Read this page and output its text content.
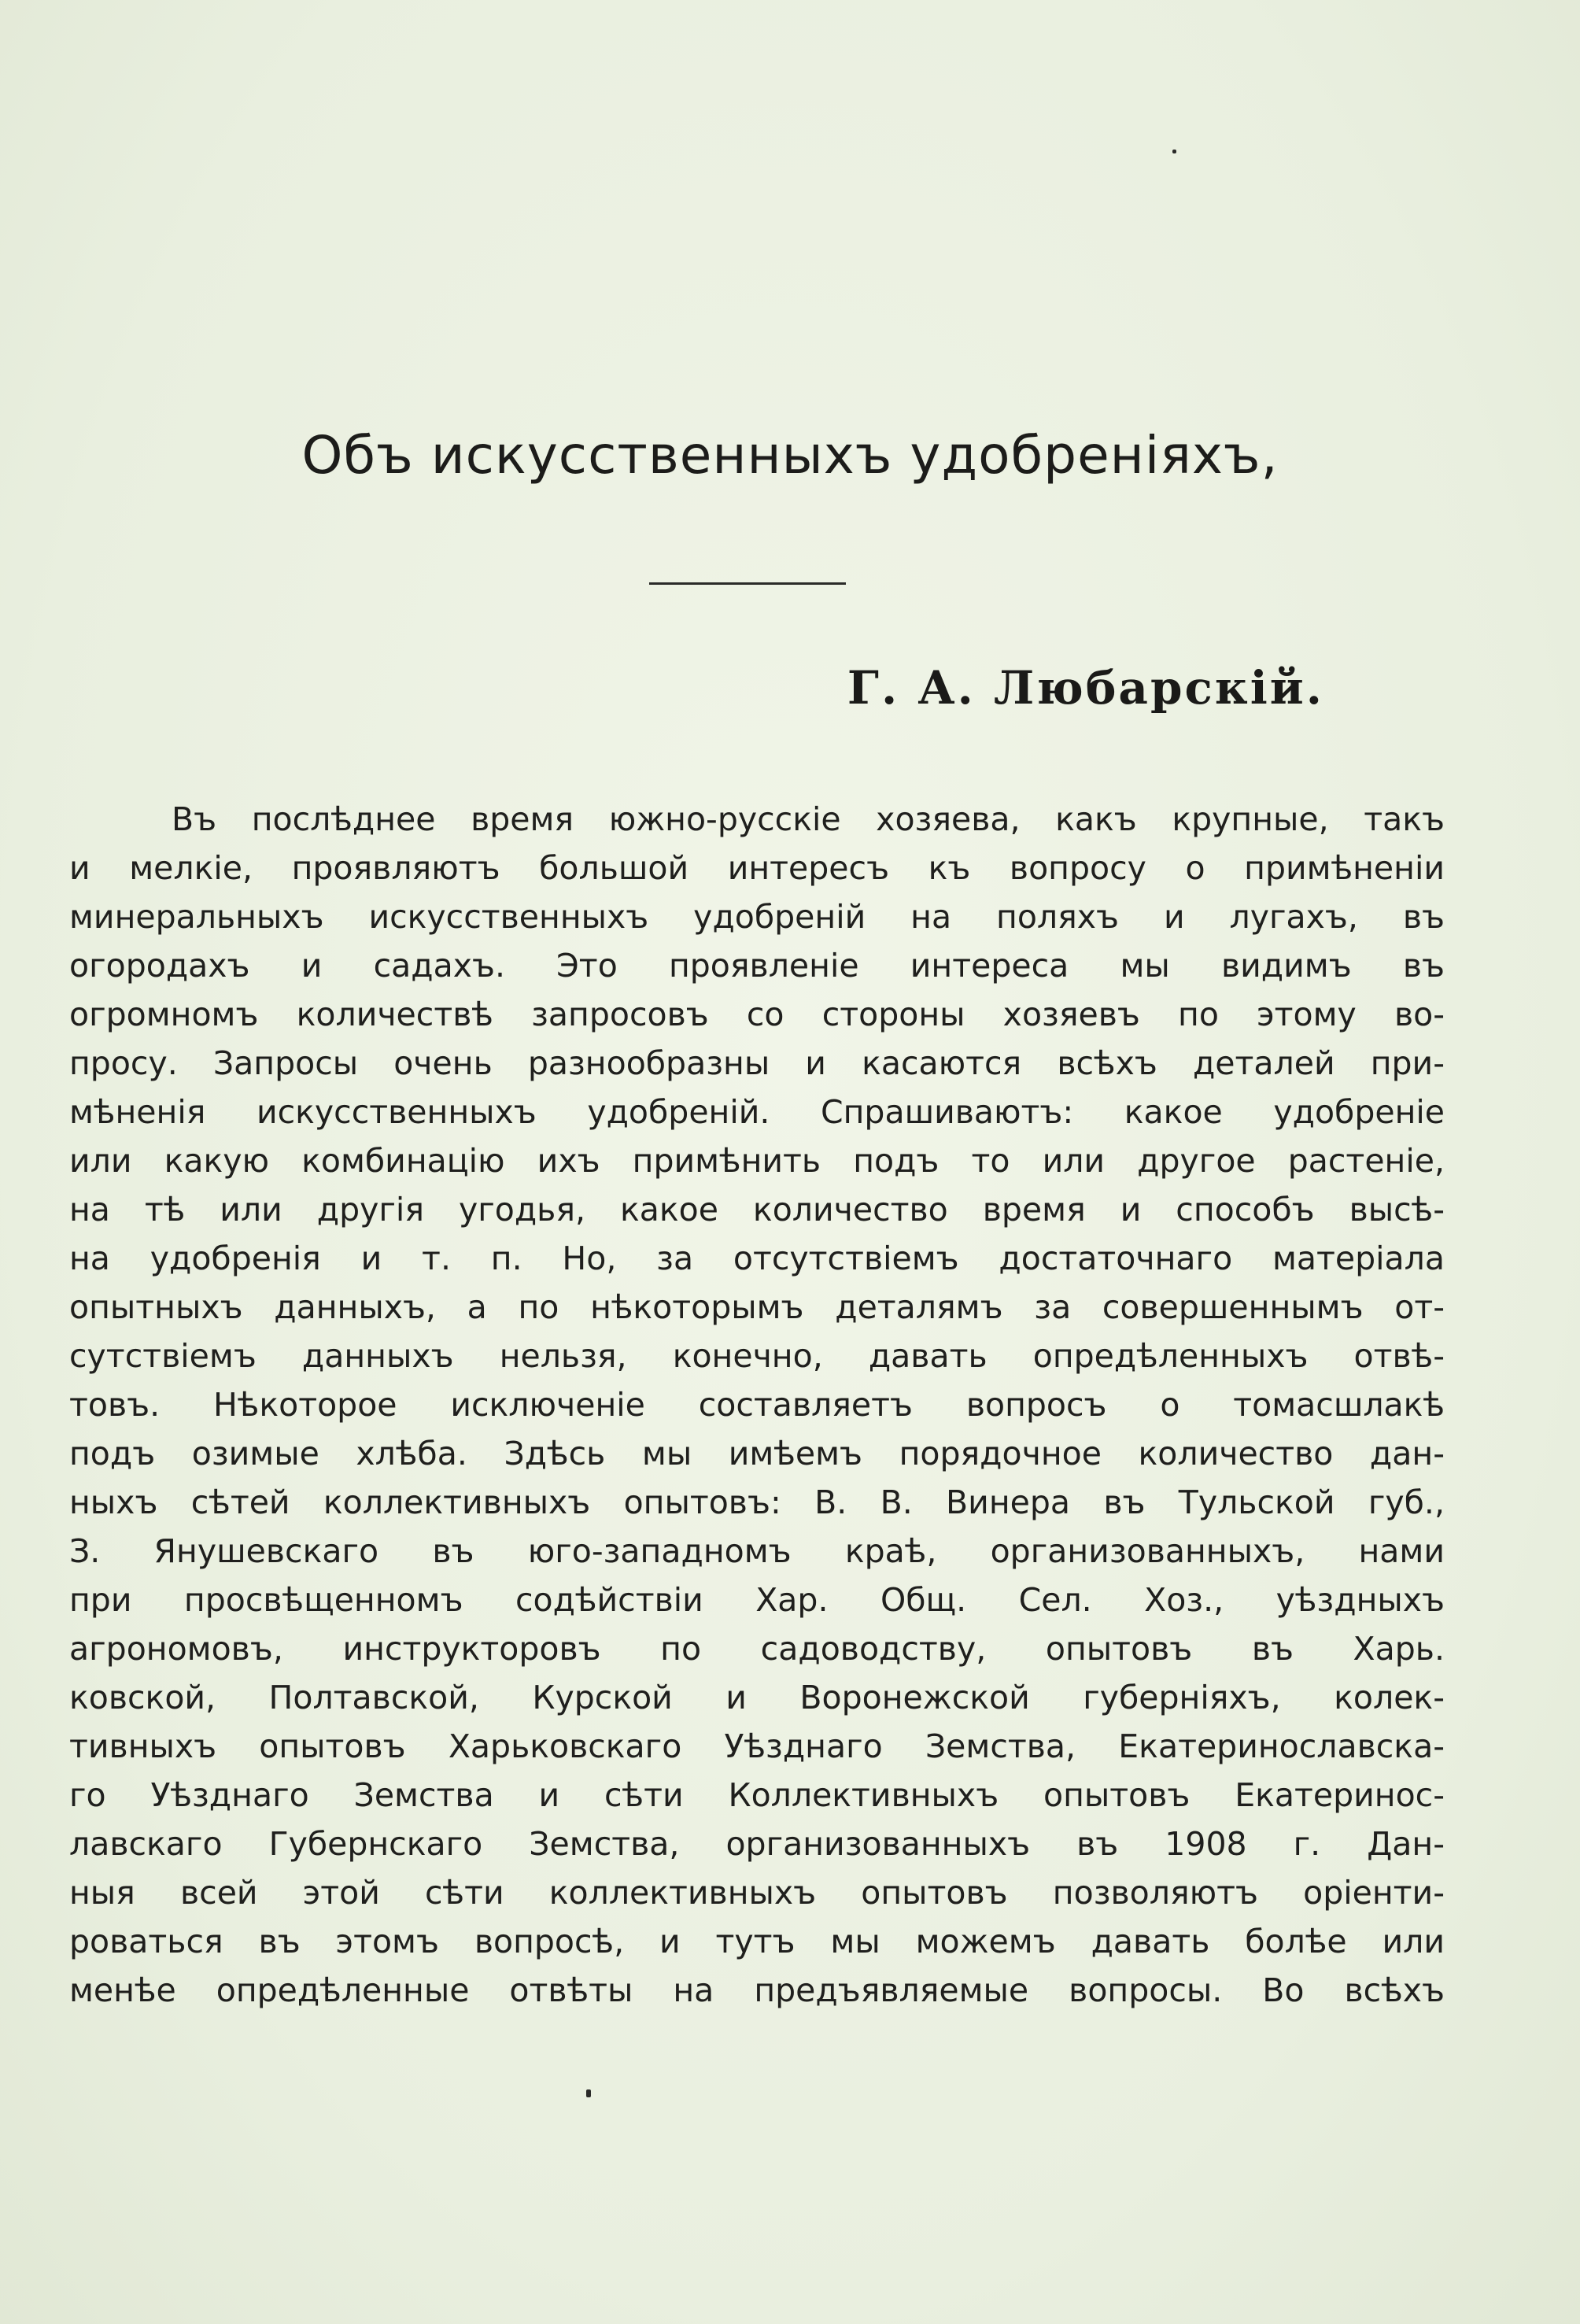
Объ искусственныхъ удобреніяхъ,
Г. А. Любарскій.
Въ послѣднее время южно-русскіе хозяева, какъ крупные, такъ
и мелкіе, проявляютъ большой интересъ къ вопросу о примѣненіи
минеральныхъ искусственныхъ удобреній на поляхъ и лугахъ, въ
огородахъ и садахъ. Это проявленіе интереса мы видимъ въ
огромномъ количествѣ запросовъ со стороны хозяевъ по этому во-
просу. Запросы очень разнообразны и касаются всѣхъ деталей при-
мѣненія искусственныхъ удобреній. Спрашиваютъ: какое удобреніе
или какую комбинацію ихъ примѣнить подъ то или другое растеніе,
на тѣ или другія угодья, какое количество время и способъ высѣ-
на удобренія и т. п. Но, за отсутствіемъ достаточнаго матеріала
опытныхъ данныхъ, а по нѣкоторымъ деталямъ за совершеннымъ от-
сутствіемъ данныхъ нельзя, конечно, давать опредѣленныхъ отвѣ-
товъ. Нѣкоторое исключеніе составляетъ вопросъ о томасшлакѣ
подъ озимые хлѣба. Здѣсь мы имѣемъ порядочное количество дан-
ныхъ сѣтей коллективныхъ опытовъ: В. В. Винера въ Тульской губ.,
З. Янушевскаго въ юго-западномъ краѣ, организованныхъ, нами
при просвѣщенномъ содѣйствіи Хар. Общ. Сел. Хоз., уѣздныхъ
агрономовъ, инструкторовъ по садоводству, опытовъ въ Харь.
ковской, Полтавской, Курской и Воронежской губерніяхъ, колек-
тивныхъ опытовъ Харьковскаго Уѣзднаго Земства, Екатеринославска-
го Уѣзднаго Земства и сѣти Коллективныхъ опытовъ Екатеринос-
лавскаго Губернскаго Земства, организованныхъ въ 1908 г. Дан-
ныя всей этой сѣти коллективныхъ опытовъ позволяютъ оріенти-
роваться въ этомъ вопросѣ, и тутъ мы можемъ давать болѣе или
менѣе опредѣленные отвѣты на предъявляемые вопросы. Во всѣхъ
